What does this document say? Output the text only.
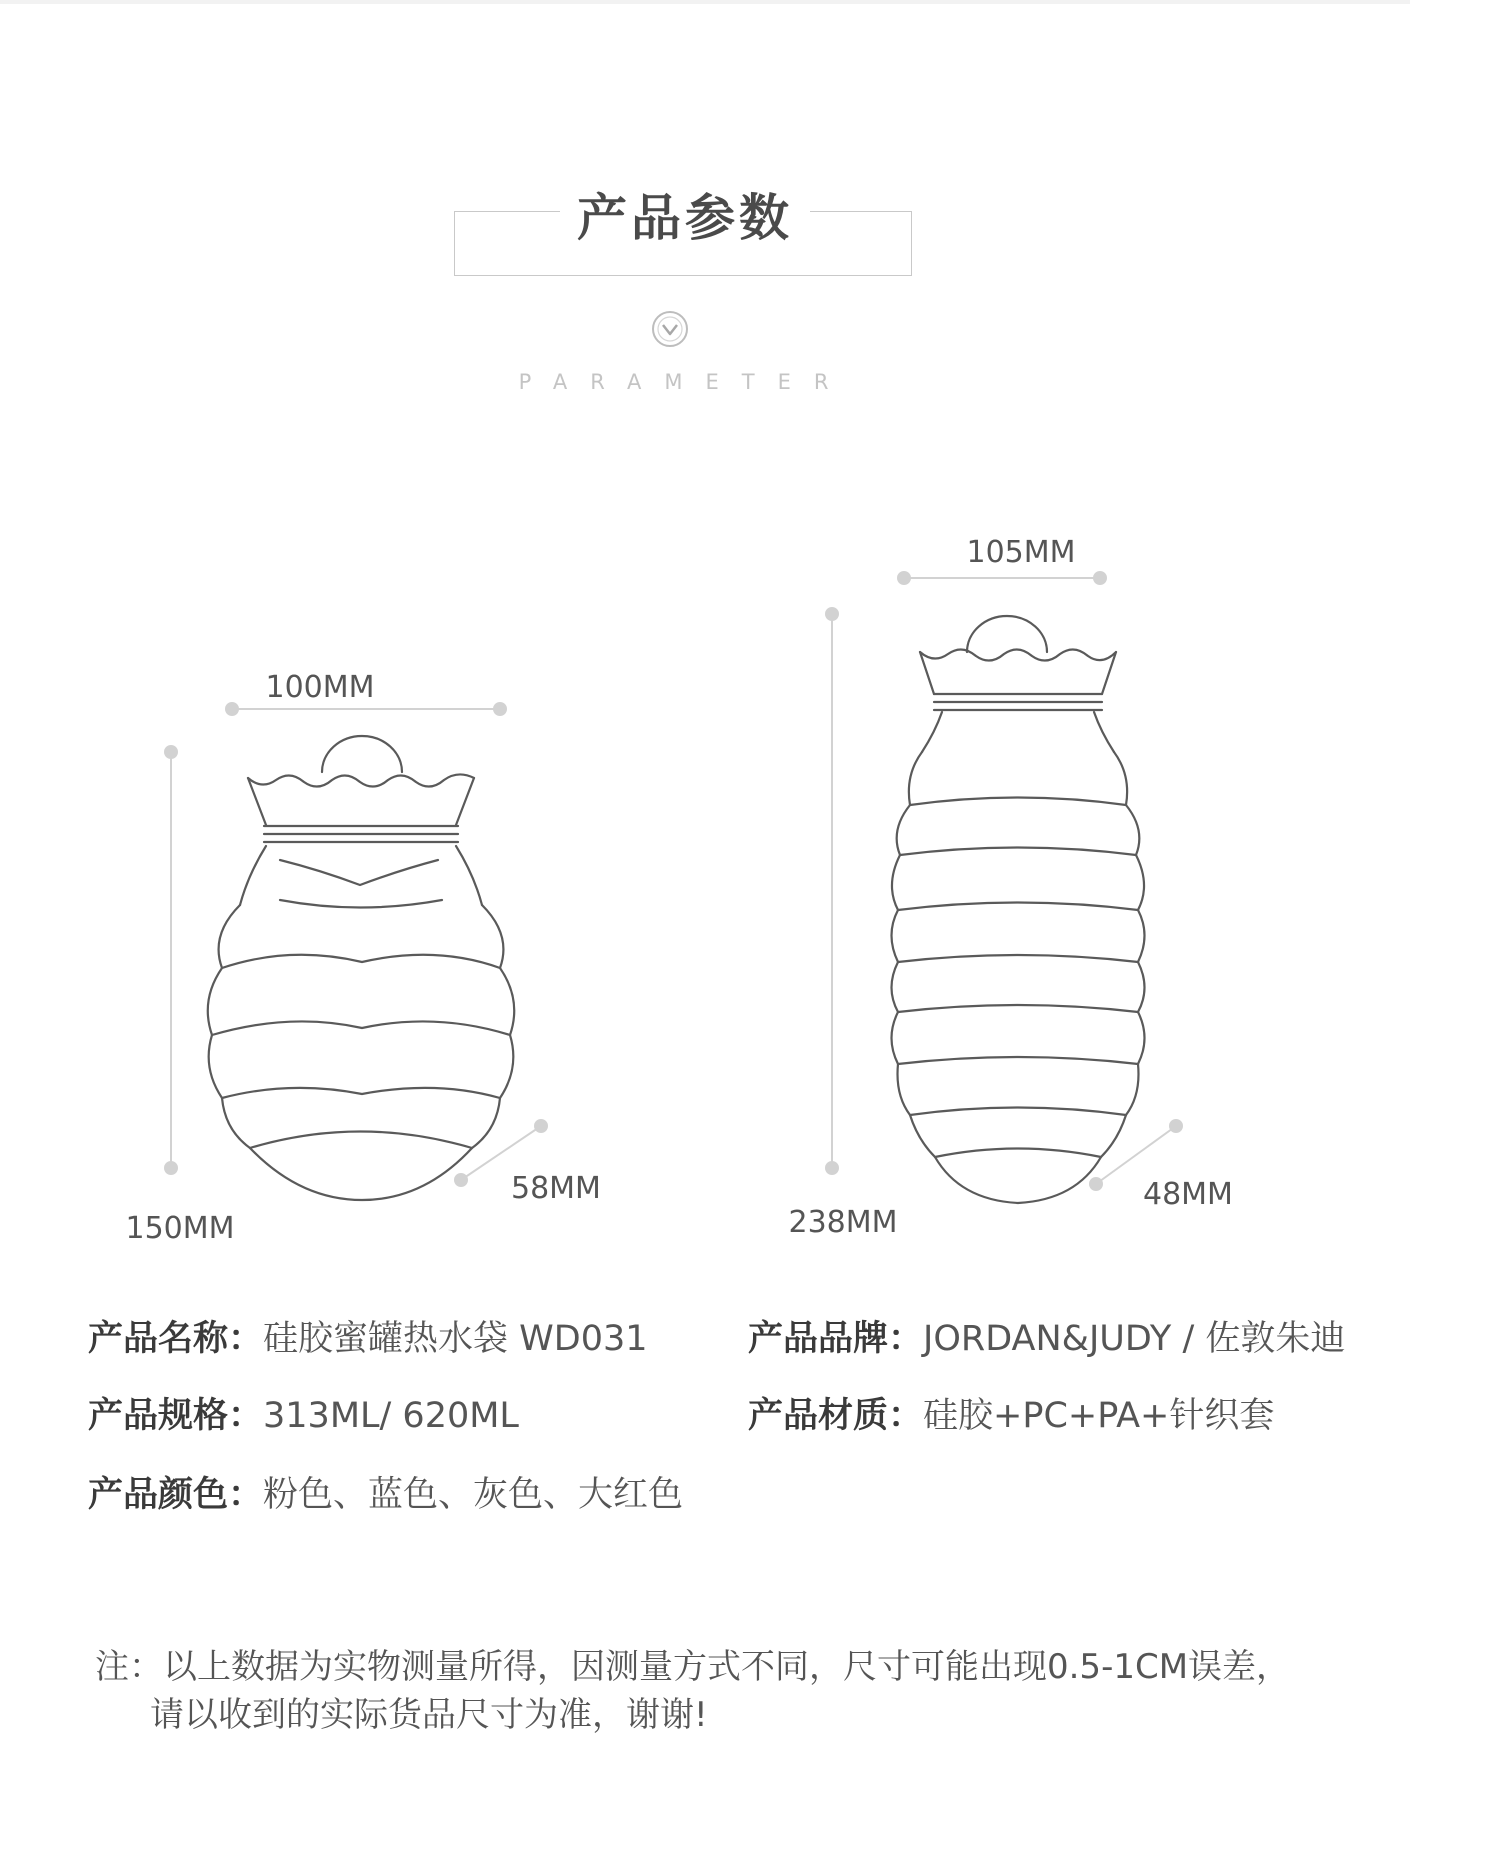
产品参数
PARAMETER
100MM
150MM
58MM
105MM
238MM
48MM
产品名称：硅胶蜜罐热水袋 WD031	产品品牌：JORDAN&JUDY / 佐敦朱迪
产品规格：313ML/ 620ML	产品材质：硅胶+PC+PA+针织套
产品颜色：粉色、蓝色、灰色、大红色
注：以上数据为实物测量所得，因测量方式不同，尺寸可能出现0.5-1CM误差，
请以收到的实际货品尺寸为准，谢谢!
